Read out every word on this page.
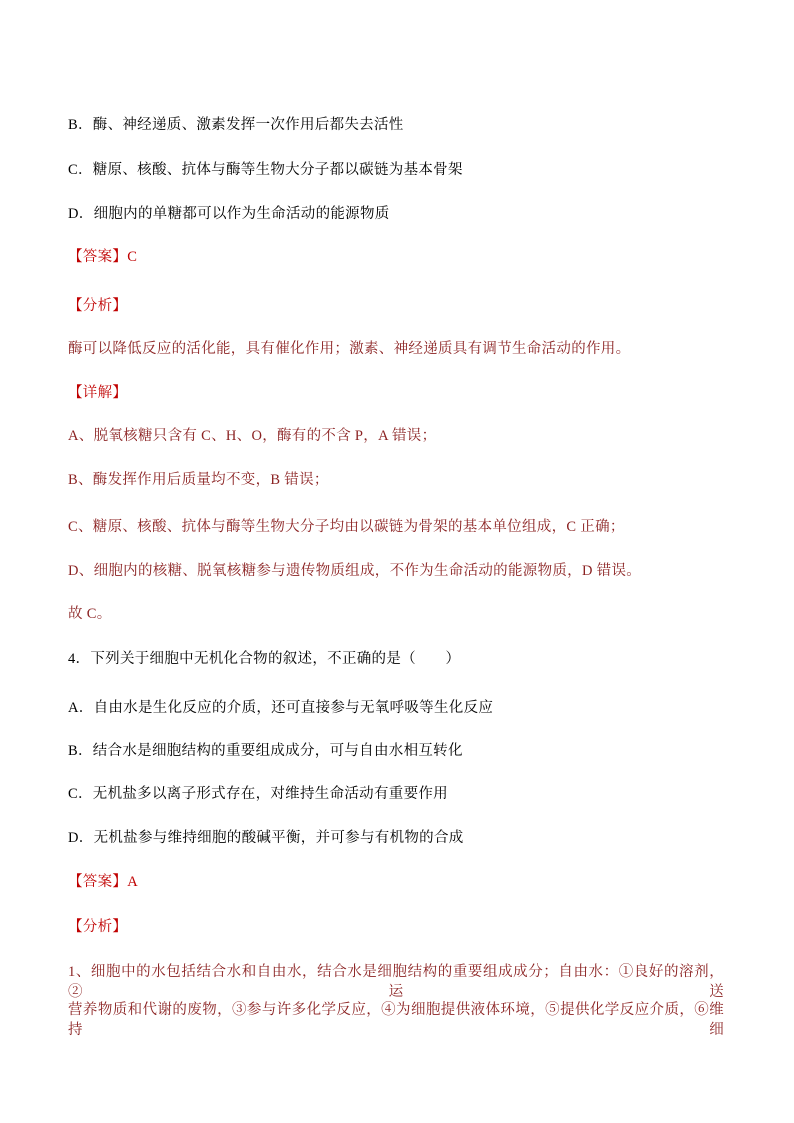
B．酶、神经递质、激素发挥一次作用后都失去活性

C．糖原、核酸、抗体与酶等生物大分子都以碳链为基本骨架

D．细胞内的单糖都可以作为生命活动的能源物质

【答案】C

【分析】

酶可以降低反应的活化能，具有催化作用；激素、神经递质具有调节生命活动的作用。

【详解】

A、脱氧核糖只含有 C、H、O，酶有的不含 P，A 错误；

B、酶发挥作用后质量均不变，B 错误；

C、糖原、核酸、抗体与酶等生物大分子均由以碳链为骨架的基本单位组成，C 正确；

D、细胞内的核糖、脱氧核糖参与遗传物质组成，不作为生命活动的能源物质，D 错误。

故 C。

4．下列关于细胞中无机化合物的叙述，不正确的是（　　）

A．自由水是生化反应的介质，还可直接参与无氧呼吸等生化反应

B．结合水是细胞结构的重要组成成分，可与自由水相互转化

C．无机盐多以离子形式存在，对维持生命活动有重要作用

D．无机盐参与维持细胞的酸碱平衡，并可参与有机物的合成

【答案】A

【分析】

1、细胞中的水包括结合水和自由水，结合水是细胞结构的重要组成成分；自由水：①良好的溶剂，②运送

营养物质和代谢的废物，③参与许多化学反应，④为细胞提供液体环境，⑤提供化学反应介质，⑥维持细
